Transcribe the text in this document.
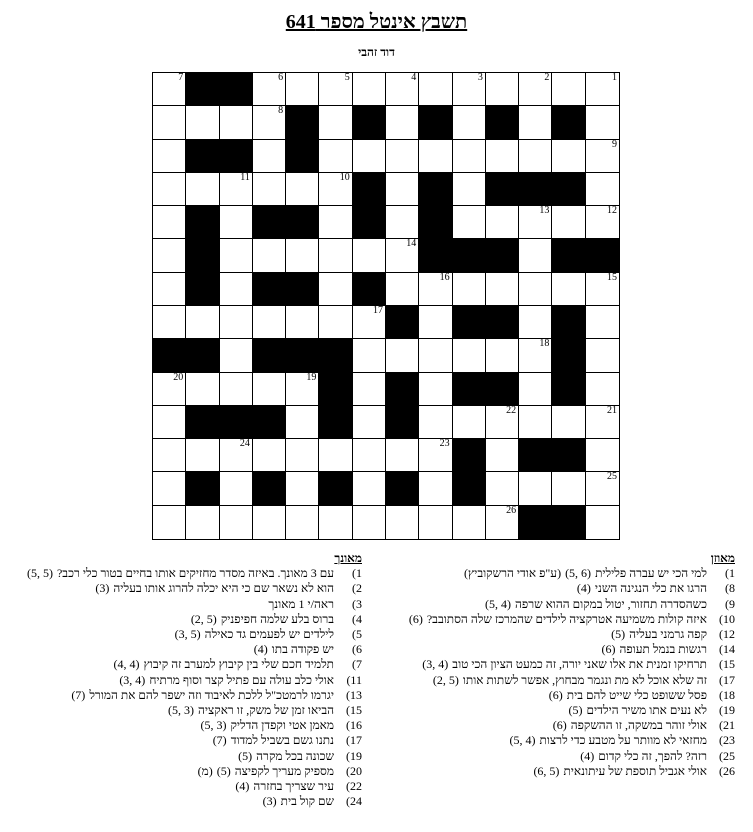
תשבץ אינטל מספר 641
דוד זהבי
7	6	5	4	3	2	1
8
9
11	10
13	12
14
16	15
17
18
20	19
22	21
24	23
25
26
מאוזן
(1למי הכי יש עברה פלילית(5, 6)(ע"פ אודי הרשקוביץ)
(8הרגו את כלי הנגינה השני(4)
(9כשהסדרה תחזור, יטול במקום ההוא שרפה(5, 4)
(10איזה קולות משמיעה אטרקציה לילדים שהמרכז שלה הסתובב?(6)
(12קפה גרמני בעליה(5)
(14רגשות בנמל תעופה(6)
(15תרחיקו זמנית את אלו שאני יורה, זה כמעט הציון הכי טוב(3, 4)
(17זה שלא אוכל לא מת ונגמר מבחוץ, אפשר לשתות אותו(2, 5)
(18פסל ששופט כלי שייט להם בית(6)
(19לא נעים אתו משיר הילדים(5)
(21אולי זוהר במשקה, זו ההשקפה(6)
(23מחזאי לא מוותר על מטבע כדי לרצות(5, 4)
(25רזה? להפך, זה כלי קדום(4)
(26אולי אגביל תוספת של עיתונאית(6, 5)
מאונך
(1עם 3 מאונך. באיזה מסדר מחזיקים אותו בחיים בטור כלי רכב?(5, 5)
(2הוא לא נשאר שם כי היא יכלה להרוג אותו בעליה(3)
(3ראה/י 1 מאונך
(4ברוס בלע שלמה חפיפניק(2, 5)
(5לילדים יש לפעמים גד כאילה(3, 5)
(6יש פקודה בתו(4)
(7תלמיד חכם שלי בין קיבוץ למערב זה קיבוץ(4, 4)
(11אולי כלב עולה עם פתיל קצר וסוף מרתיח(3, 4)
(13יגרמו לרמטכ"ל ללכת לאיבוד וזה ישפר להם את המורל(7)
(15הביאו זמן של משק, זו ראקציה(5, 3)
(16מאמן אטי וקפדן הדליק(5, 3)
(17נתנו גשם בשביל למדוד(7)
(19שכונה בכל מקרה(5)
(20מספיק מעריך לקפיצה(5)(מ)
(22עיר שצריך בחזרה(4)
(24שם קול בית(3)
